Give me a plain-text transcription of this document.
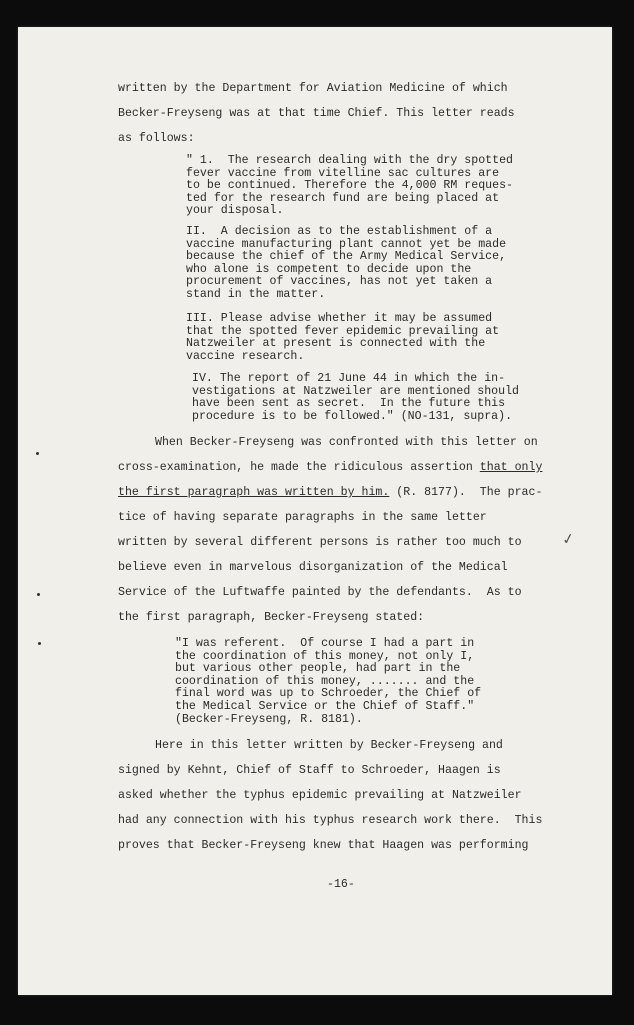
written by the Department for Aviation Medicine of which
Becker-Freyseng was at that time Chief. This letter reads
as follows:
" 1.  The research dealing with the dry spotted
fever vaccine from vitelline sac cultures are
to be continued. Therefore the 4,000 RM reques-
ted for the research fund are being placed at
your disposal.
II.  A decision as to the establishment of a
vaccine manufacturing plant cannot yet be made
because the chief of the Army Medical Service,
who alone is competent to decide upon the
procurement of vaccines, has not yet taken a
stand in the matter.
III. Please advise whether it may be assumed
that the spotted fever epidemic prevailing at
Natzweiler at present is connected with the
vaccine research.
IV. The report of 21 June 44 in which the in-
vestigations at Natzweiler are mentioned should
have been sent as secret.  In the future this
procedure is to be followed." (NO-131, supra).
When Becker-Freyseng was confronted with this letter on
cross-examination, he made the ridiculous assertion that only
the first paragraph was written by him. (R. 8177).  The prac-
tice of having separate paragraphs in the same letter
written by several different persons is rather too much to
believe even in marvelous disorganization of the Medical
Service of the Luftwaffe painted by the defendants.  As to
the first paragraph, Becker-Freyseng stated:
"I was referent.  Of course I had a part in
the coordination of this money, not only I,
but various other people, had part in the
coordination of this money, ....... and the
final word was up to Schroeder, the Chief of
the Medical Service or the Chief of Staff."
(Becker-Freyseng, R. 8181).
Here in this letter written by Becker-Freyseng and
signed by Kehnt, Chief of Staff to Schroeder, Haagen is
asked whether the typhus epidemic prevailing at Natzweiler
had any connection with his typhus research work there.  This
proves that Becker-Freyseng knew that Haagen was performing
-16-
✓
